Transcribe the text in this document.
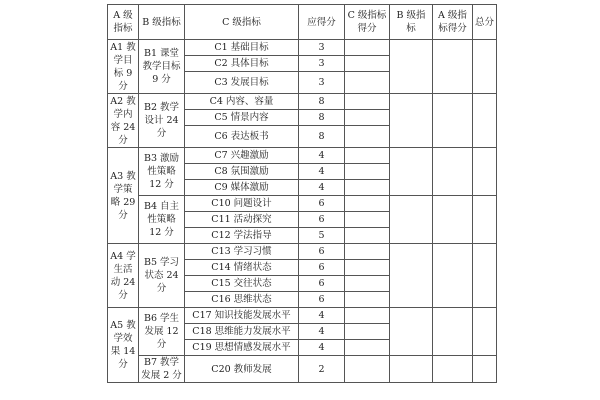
A 级指标	B 级指标	C 级指标	应得分	C 级指标得分	B 级指标	A 级指标得分	总分
A1 教学目标 9 分	B1 课堂教学目标 9 分	C1 基础目标	3				
		C2 具体目标	3				
		C3 发展目标	3				
A2 教学内容 24 分	B2 教学设计 24 分	C4 内容、容量	8				
		C5 情景内容	8				
		C6 表达板书	8				
A3 教学策略 29 分	B3 激励性策略 12 分	C7 兴趣激励	4				
		C8 氛围激励	4				
		C9 媒体激励	4				
	B4 自主性策略 12 分	C10 问题设计	6				
		C11 活动探究	6				
		C12 学法指导	5				
A4 学生活动 24 分	B5 学习状态 24 分	C13 学习习惯	6				
		C14 情绪状态	6				
		C15 交往状态	6				
		C16 思维状态	6				
A5 教学效果 14 分	B6 学生发展 12 分	C17 知识技能发展水平	4				
		C18 思维能力发展水平	4				
		C19 思想情感发展水平	4				
	B7 教学发展 2 分	C20 教师发展	2				
